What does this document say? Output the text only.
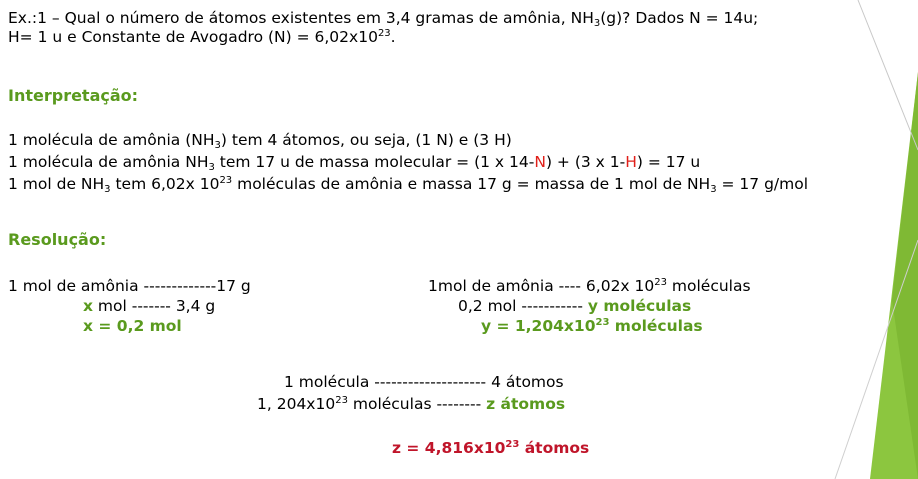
Ex.:1 – Qual o número de átomos existentes em 3,4 gramas de amônia, $NH_3(g)$? Dados N = 14u;
H= 1 u e Constante de Avogadro $(N) = 6,02x10^{23}$.
Interpretação:
1 molécula de amônia $(NH_3)$ tem 4 átomos, ou seja, (1 N) e (3 H)
1 molécula de amônia $NH_3$ tem 17 u de massa molecular = (1 x 14-N) + (3 x 1-H) = 17 u
1 mol de $NH_3$ tem 6,02x $10^{23}$ moléculas de amônia e massa 17 g = massa de 1 mol de $NH_3 = 17$ g/mol
Resolução:
1 mol de amônia -------------17 g
x mol ------- 3,4 g
x = 0,2 mol
1mol de amônia ---- 6,02x $10^{23}$ moléculas
0,2 mol ----------- y moléculas
$y = 1,204x10^{23}$ moléculas
1 molécula -------------------- 4 átomos
1, $204x10^{23}$ moléculas -------- z átomos
$z = 4,816x10^{23}$ átomos
